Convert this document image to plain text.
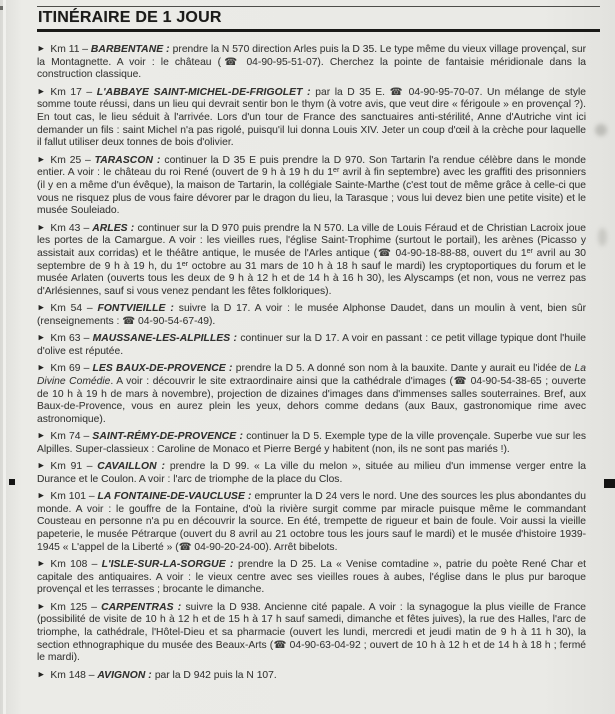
ITINÉRAIRE DE 1 JOUR

► Km 11 – BARBENTANE : prendre la N 570 direction Arles puis la D 35. Le type même du vieux village provençal, sur la Montagnette. A voir : le château (☎ 04-90-95-51-07). Cherchez la pointe de fantaisie méridionale dans la construction classique.

► Km 17 – L'ABBAYE SAINT-MICHEL-DE-FRIGOLET : par la D 35 E. ☎ 04-90-95-70-07. Un mélange de style somme toute réussi, dans un lieu qui devrait sentir bon le thym (à votre avis, que veut dire « férigoule » en provençal ?). En tout cas, le lieu séduit à l'arrivée. Lors d'un tour de France des sanctuaires anti-stérilité, Anne d'Autriche vint ici demander un fils : saint Michel n'a pas rigolé, puisqu'il lui donna Louis XIV. Jeter un coup d'œil à la crèche pour laquelle il fallut utiliser deux tonnes de bois d'olivier.

► Km 25 – TARASCON : continuer la D 35 E puis prendre la D 970. Son Tartarin l'a rendue célèbre dans le monde entier. A voir : le château du roi René (ouvert de 9 h à 19 h du 1er avril à fin septembre) avec les graffiti des prisonniers (il y en a même d'un évêque), la maison de Tartarin, la collégiale Sainte-Marthe (c'est tout de même grâce à celle-ci que vous ne risquez plus de vous faire dévorer par le dragon du lieu, la Tarasque ; vous lui devez bien une petite visite) et le musée Souleiado.

► Km 43 – ARLES : continuer sur la D 970 puis prendre la N 570. La ville de Louis Féraud et de Christian Lacroix joue les portes de la Camargue. A voir : les vieilles rues, l'église Saint-Trophime (surtout le portail), les arènes (Picasso y assistait aux corridas) et le théâtre antique, le musée de l'Arles antique (☎ 04-90-18-88-88, ouvert du 1er avril au 30 septembre de 9 h à 19 h, du 1er octobre au 31 mars de 10 h à 18 h sauf le mardi) les cryptoportiques du forum et le musée Arlaten (ouverts tous les deux de 9 h à 12 h et de 14 h à 16 h 30), les Alyscamps (et non, vous ne verrez pas d'Arlésiennes, sauf si vous venez pendant les fêtes folkloriques).

► Km 54 – FONTVIEILLE : suivre la D 17. A voir : le musée Alphonse Daudet, dans un moulin à vent, bien sûr (renseignements : ☎ 04-90-54-67-49).

► Km 63 – MAUSSANE-LES-ALPILLES : continuer sur la D 17. A voir en passant : ce petit village typique dont l'huile d'olive est réputée.

► Km 69 – LES BAUX-DE-PROVENCE : prendre la D 5. A donné son nom à la bauxite. Dante y aurait eu l'idée de La Divine Comédie. A voir : découvrir le site extraordinaire ainsi que la cathédrale d'images (☎ 04-90-54-38-65 ; ouverte de 10 h à 19 h de mars à novembre), projection de dizaines d'images dans d'immenses salles souterraines. Bref, aux Baux-de-Provence, vous en aurez plein les yeux, dehors comme dedans (aux Baux, gastronomique rime avec astronomique).

► Km 74 – SAINT-RÉMY-DE-PROVENCE : continuer la D 5. Exemple type de la ville provençale. Superbe vue sur les Alpilles. Super-classieux : Caroline de Monaco et Pierre Bergé y habitent (non, ils ne sont pas mariés !).

► Km 91 – CAVAILLON : prendre la D 99. « La ville du melon », située au milieu d'un immense verger entre la Durance et le Coulon. A voir : l'arc de triomphe de la place du Clos.

► Km 101 – LA FONTAINE-DE-VAUCLUSE : emprunter la D 24 vers le nord. Une des sources les plus abondantes du monde. A voir : le gouffre de la Fontaine, d'où la rivière surgit comme par miracle puisque même le commandant Cousteau en personne n'a pu en découvrir la source. En été, trempette de rigueur et bain de foule. Voir aussi la vieille papeterie, le musée Pétrarque (ouvert du 8 avril au 21 octobre tous les jours sauf le mardi) et le musée d'histoire 1939-1945 « L'appel de la Liberté » (☎ 04-90-20-24-00). Arrêt bibelots.

► Km 108 – L'ISLE-SUR-LA-SORGUE : prendre la D 25. La « Venise comtadine », patrie du poète René Char et capitale des antiquaires. A voir : le vieux centre avec ses vieilles roues à aubes, l'église dans le plus pur baroque provençal et les terrasses ; brocante le dimanche.

► Km 125 – CARPENTRAS : suivre la D 938. Ancienne cité papale. A voir : la synagogue la plus vieille de France (possibilité de visite de 10 h à 12 h et de 15 h à 17 h sauf samedi, dimanche et fêtes juives), la rue des Halles, l'arc de triomphe, la cathédrale, l'Hôtel-Dieu et sa pharmacie (ouvert les lundi, mercredi et jeudi matin de 9 h à 11 h 30), la section ethnographique du musée des Beaux-Arts (☎ 04-90-63-04-92 ; ouvert de 10 h à 12 h et de 14 h à 18 h ; fermé le mardi).

► Km 148 – AVIGNON : par la D 942 puis la N 107.
